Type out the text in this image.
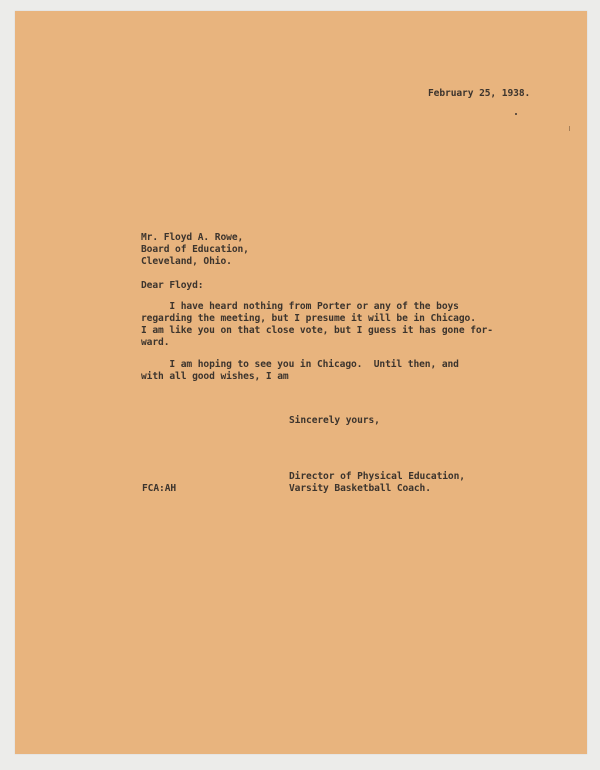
February 25, 1938.
Mr. Floyd A. Rowe,
Board of Education,
Cleveland, Ohio.
Dear Floyd:
I have heard nothing from Porter or any of the boys
regarding the meeting, but I presume it will be in Chicago.
I am like you on that close vote, but I guess it has gone for-
ward.
I am hoping to see you in Chicago.  Until then, and
with all good wishes, I am
Sincerely yours,
Director of Physical Education,
FCA:AH	Varsity Basketball Coach.
